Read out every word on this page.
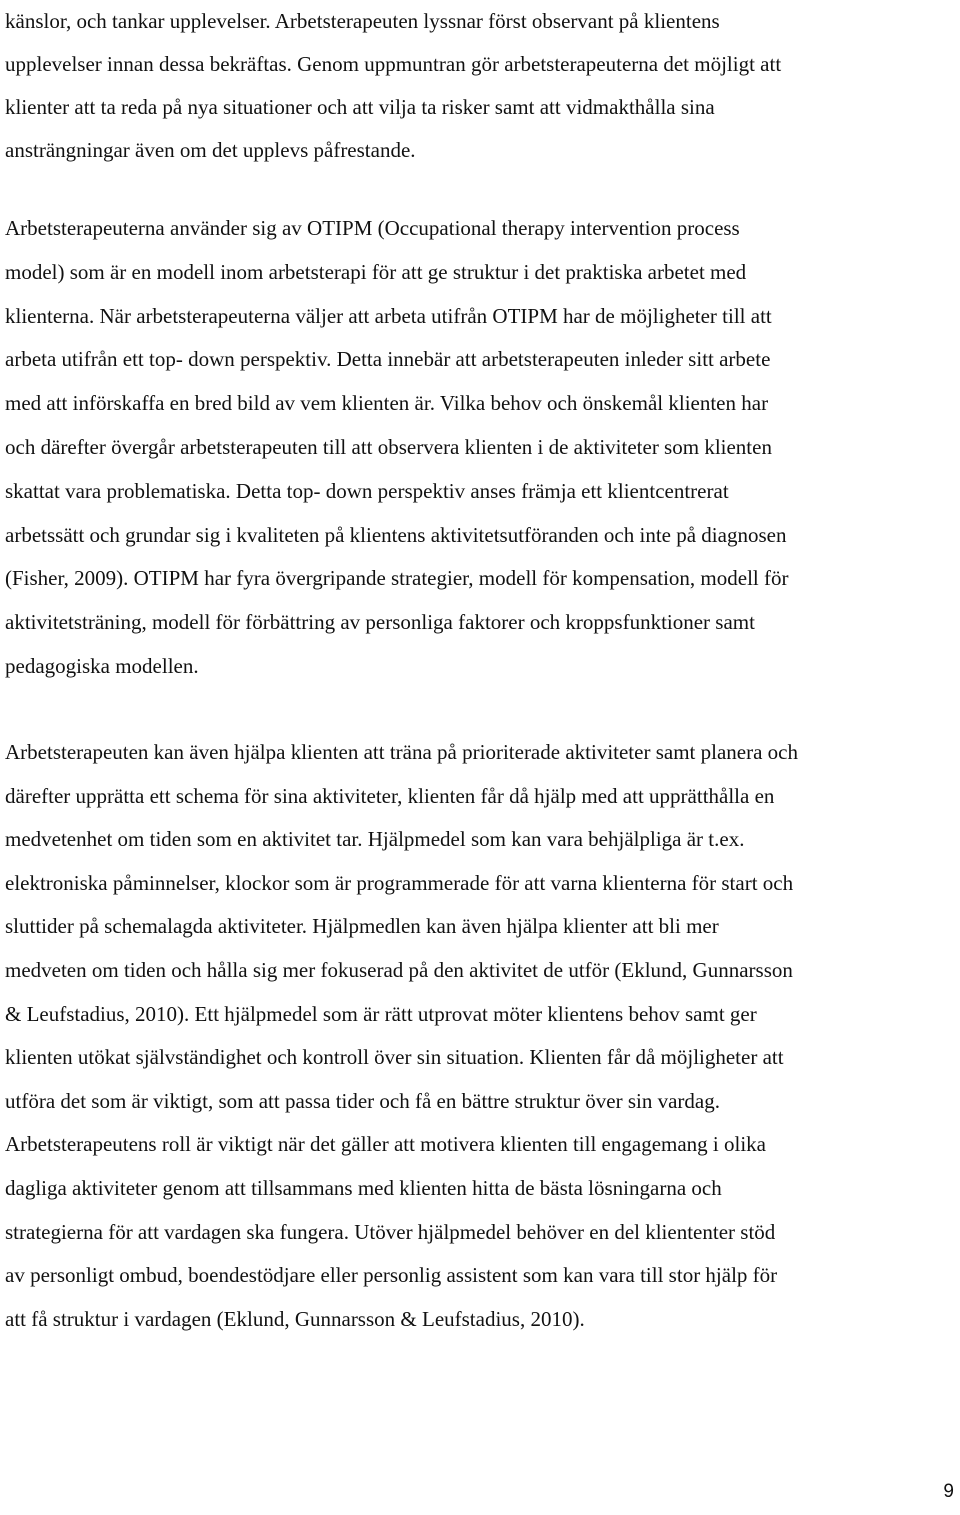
känslor, och tankar upplevelser. Arbetsterapeuten lyssnar först observant på klientens
upplevelser innan dessa bekräftas. Genom uppmuntran gör arbetsterapeuterna det möjligt att
klienter att ta reda på nya situationer och att vilja ta risker samt att vidmakthålla sina
ansträngningar även om det upplevs påfrestande.
Arbetsterapeuterna använder sig av OTIPM (Occupational therapy intervention process
model) som är en modell inom arbetsterapi för att ge struktur i det praktiska arbetet med
klienterna. När arbetsterapeuterna väljer att arbeta utifrån OTIPM har de möjligheter till att
arbeta utifrån ett top- down perspektiv. Detta innebär att arbetsterapeuten inleder sitt arbete
med att införskaffa en bred bild av vem klienten är. Vilka behov och önskemål klienten har
och därefter övergår arbetsterapeuten till att observera klienten i de aktiviteter som klienten
skattat vara problematiska. Detta top- down perspektiv anses främja ett klientcentrerat
arbetssätt och grundar sig i kvaliteten på klientens aktivitetsutföranden och inte på diagnosen
(Fisher, 2009). OTIPM har fyra övergripande strategier, modell för kompensation, modell för
aktivitetsträning, modell för förbättring av personliga faktorer och kroppsfunktioner samt
pedagogiska modellen.
Arbetsterapeuten kan även hjälpa klienten att träna på prioriterade aktiviteter samt planera och
därefter upprätta ett schema för sina aktiviteter, klienten får då hjälp med att upprätthålla en
medvetenhet om tiden som en aktivitet tar. Hjälpmedel som kan vara behjälpliga är t.ex.
elektroniska påminnelser, klockor som är programmerade för att varna klienterna för start och
sluttider på schemalagda aktiviteter. Hjälpmedlen kan även hjälpa klienter att bli mer
medveten om tiden och hålla sig mer fokuserad på den aktivitet de utför (Eklund, Gunnarsson
& Leufstadius, 2010). Ett hjälpmedel som är rätt utprovat möter klientens behov samt ger
klienten utökat självständighet och kontroll över sin situation. Klienten får då möjligheter att
utföra det som är viktigt, som att passa tider och få en bättre struktur över sin vardag.
Arbetsterapeutens roll är viktigt när det gäller att motivera klienten till engagemang i olika
dagliga aktiviteter genom att tillsammans med klienten hitta de bästa lösningarna och
strategierna för att vardagen ska fungera. Utöver hjälpmedel behöver en del kliententer stöd
av personligt ombud, boendestödjare eller personlig assistent som kan vara till stor hjälp för
att få struktur i vardagen (Eklund, Gunnarsson & Leufstadius, 2010).
9
